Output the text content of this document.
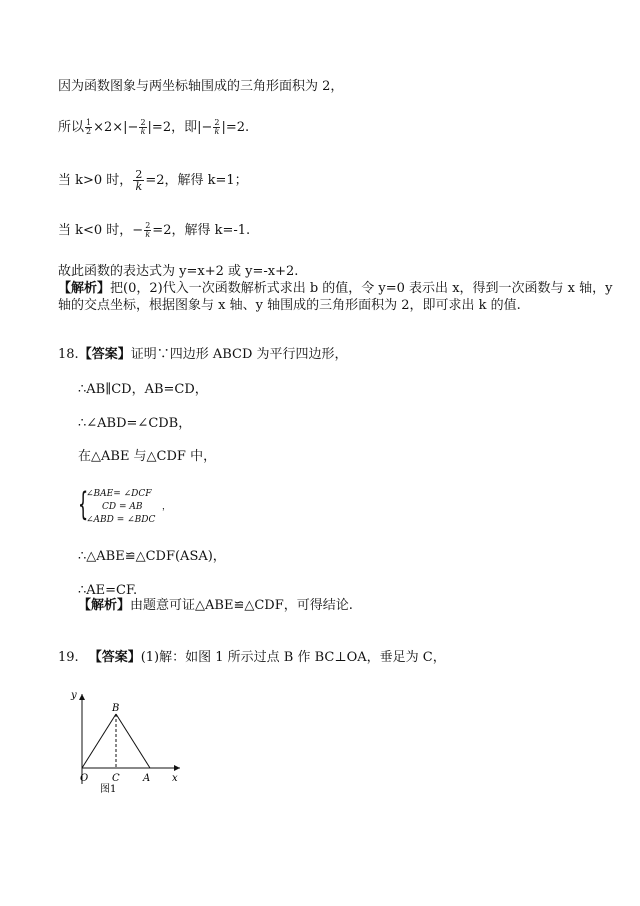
因为函数图象与两坐标轴围成的三角形面积为 2，
所以 $\frac{1}{2} \times 2\times|- \frac{2}{k} |=2$，即|− $\frac{2}{k} |=2$.
当 k>0 时， $\frac{2}{k} =2$，解得 k=1；
当 k<0 时，− $\frac{2}{k} =2$，解得 k=-1.
故此函数的表达式为 y=x+2 或 y=-x+2.
【解析】把(0，2)代入一次函数解析式求出 b 的值，令 y=0 表示出 x，得到一次函数与 x 轴，y
轴的交点坐标，根据图象与 x 轴、y 轴围成的三角形面积为 2，即可求出 k 的值.
18.【答案】证明∵四边形 ABCD 为平行四边形，
∴AB∥CD，AB=CD，
∴∠ABD=∠CDB，
在△ABE 与△CDF 中，
{
∠BAE= ∠DCF
CD = AB
∠ABD = ∠BDC
，
∴△ABE≌△CDF(ASA)，
∴AE=CF.
【解析】由题意可证△ABE≌△CDF，可得结论.
19. 【答案】(1)解：如图 1 所示过点 B 作 BC⊥OA，垂足为 C，
y
x
O
B
C A
图1
